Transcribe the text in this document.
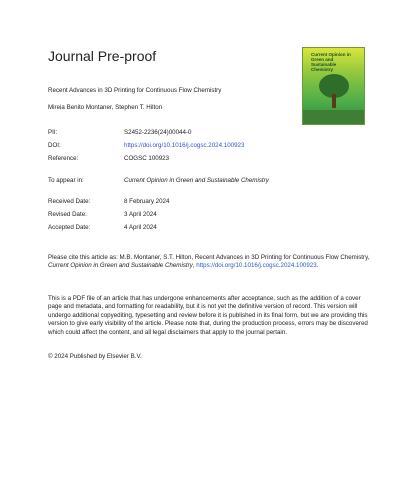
Journal Pre-proof	Current Opinion in Green and Sustainable Chemistry
Recent Advances in 3D Printing for Continuous Flow Chemistry
Mireia Benito Montaner, Stephen T. Hilton
PII:	S2452-2236(24)00044-0
DOI:	https://doi.org/10.1016/j.cogsc.2024.100923
Reference:	COGSC 100923
To appear in:	Current Opinion in Green and Sustainable Chemistry
Received Date:	8 February 2024
Revised Date:	3 April 2024
Accepted Date:	4 April 2024
Please cite this article as: M.B. Montaner, S.T. Hilton, Recent Advances in 3D Printing for Continuous Flow Chemistry, Current Opinion in Green and Sustainable Chemistry, https://doi.org/10.1016/j.cogsc.2024.100923.
This is a PDF file of an article that has undergone enhancements after acceptance, such as the addition of a cover page and metadata, and formatting for readability, but it is not yet the definitive version of record. This version will undergo additional copyediting, typesetting and review before it is published in its final form, but we are providing this version to give early visibility of the article. Please note that, during the production process, errors may be discovered which could affect the content, and all legal disclaimers that apply to the journal pertain.
© 2024 Published by Elsevier B.V.
